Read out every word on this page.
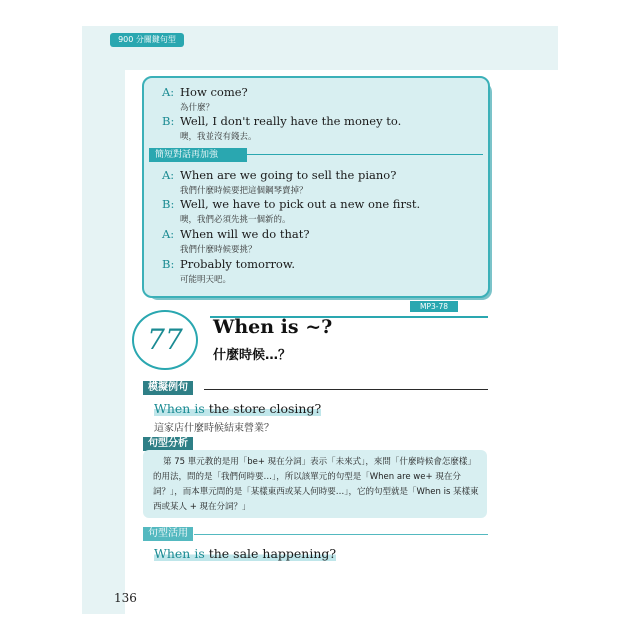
900 分關鍵句型
A: How come?
為什麼？
B: Well, I don't really have the money to.
噢，我並沒有錢去。
簡短對話再加強
A: When are we going to sell the piano?
我們什麼時候要把這個鋼琴賣掉？
B: Well, we have to pick out a new one first.
噢，我們必須先挑一個新的。
A: When will we do that?
我們什麼時候要挑？
B: Probably tomorrow.
可能明天吧。
MP3-78
77	When is ~?
什麼時候…？
模擬例句
When is the store closing?
這家店什麼時候結束營業？
句型分析

第 75 單元教的是用「be+ 現在分詞」表示「未來式」，來問「什麼時候會怎麼樣」的用法，問的是「我們何時要…」，所以該單元的句型是「When are we+ 現在分詞？」，而本單元問的是「某樣東西或某人何時要…」，它的句型就是「When is 某樣東西或某人 + 現在分詞？」

句型活用
When is the sale happening?
136
